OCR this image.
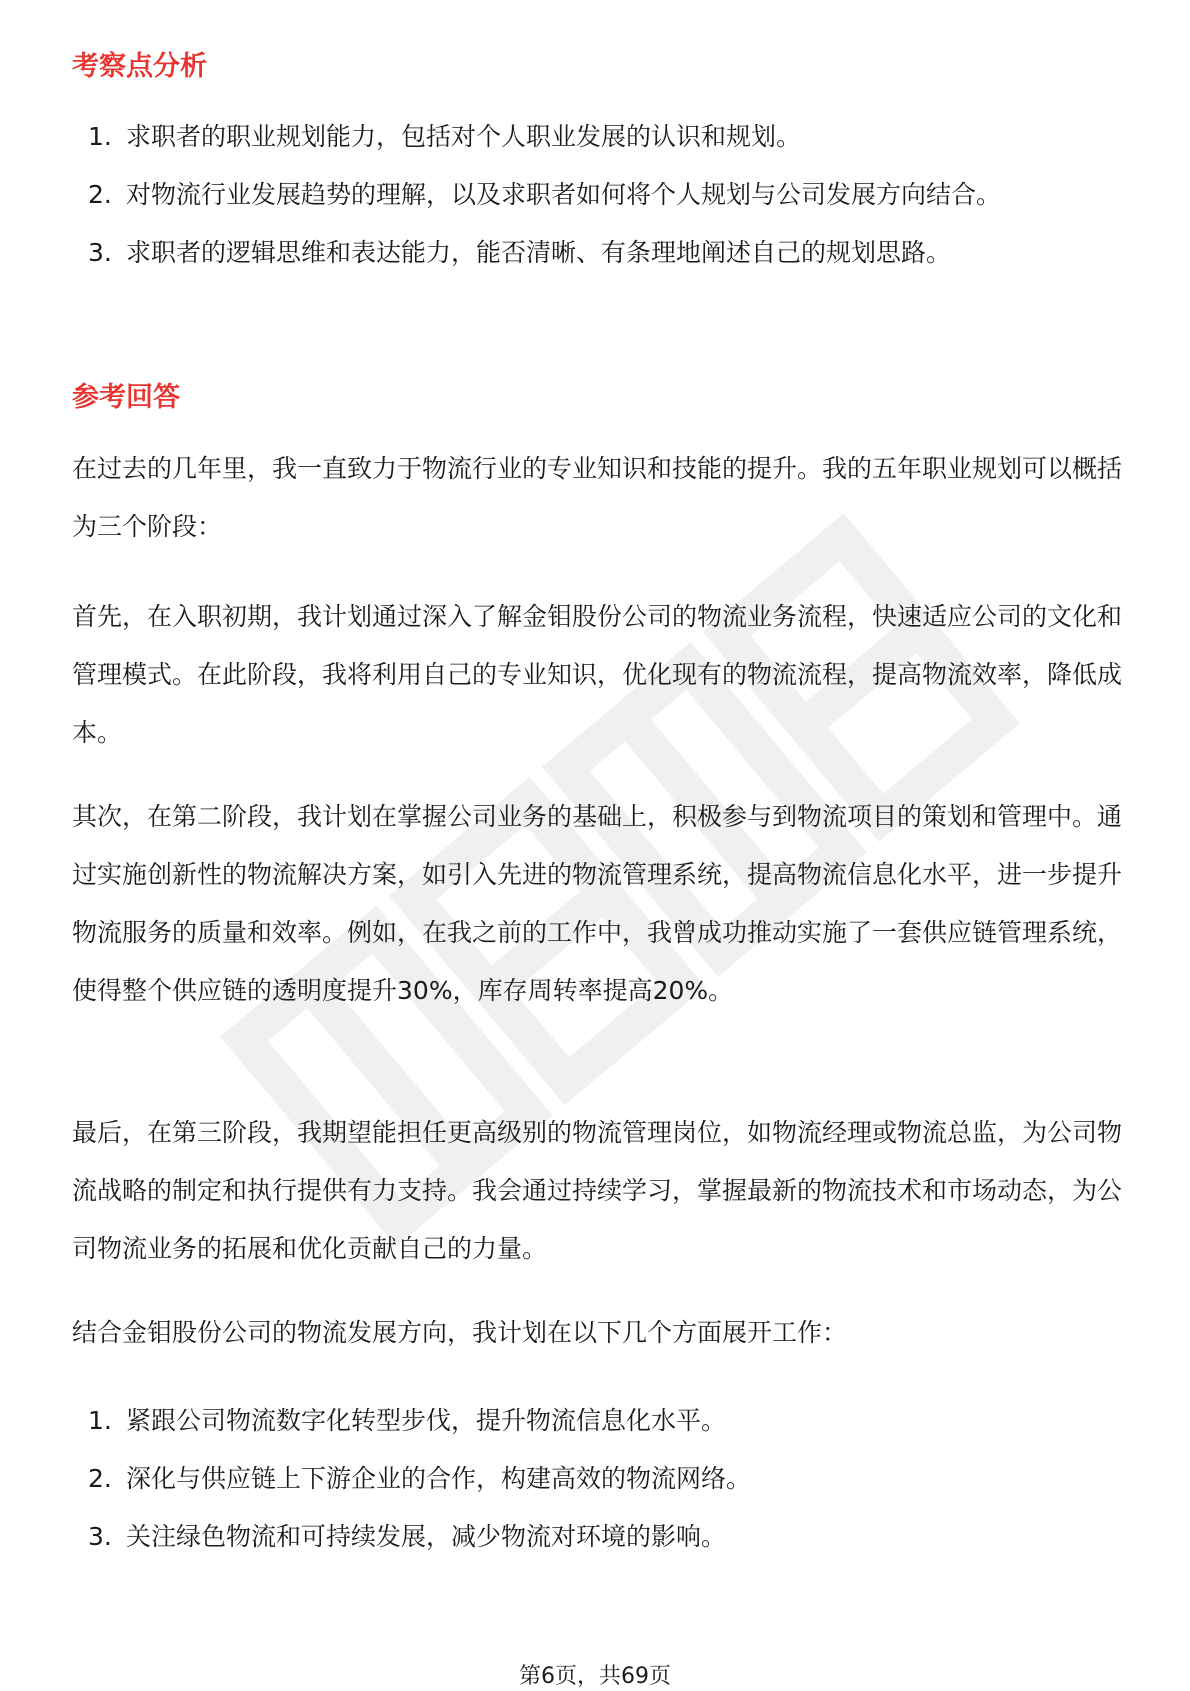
考察点分析
1. 求职者的职业规划能力，包括对个人职业发展的认识和规划。
2. 对物流行业发展趋势的理解，以及求职者如何将个人规划与公司发展方向结合。
3. 求职者的逻辑思维和表达能力，能否清晰、有条理地阐述自己的规划思路。
参考回答

在过去的几年里，我一直致力于物流行业的专业知识和技能的提升。我的五年职业规划可以概括为三个阶段：

首先，在入职初期，我计划通过深入了解金钼股份公司的物流业务流程，快速适应公司的文化和管理模式。在此阶段，我将利用自己的专业知识，优化现有的物流流程，提高物流效率，降低成本。

其次，在第二阶段，我计划在掌握公司业务的基础上，积极参与到物流项目的策划和管理中。通过实施创新性的物流解决方案，如引入先进的物流管理系统，提高物流信息化水平，进一步提升物流服务的质量和效率。例如，在我之前的工作中，我曾成功推动实施了一套供应链管理系统，使得整个供应链的透明度提升30%，库存周转率提高20%。

最后，在第三阶段，我期望能担任更高级别的物流管理岗位，如物流经理或物流总监，为公司物流战略的制定和执行提供有力支持。我会通过持续学习，掌握最新的物流技术和市场动态，为公司物流业务的拓展和优化贡献自己的力量。

结合金钼股份公司的物流发展方向，我计划在以下几个方面展开工作：

1. 紧跟公司物流数字化转型步伐，提升物流信息化水平。
2. 深化与供应链上下游企业的合作，构建高效的物流网络。
3. 关注绿色物流和可持续发展，减少物流对环境的影响。
第6页，共69页
